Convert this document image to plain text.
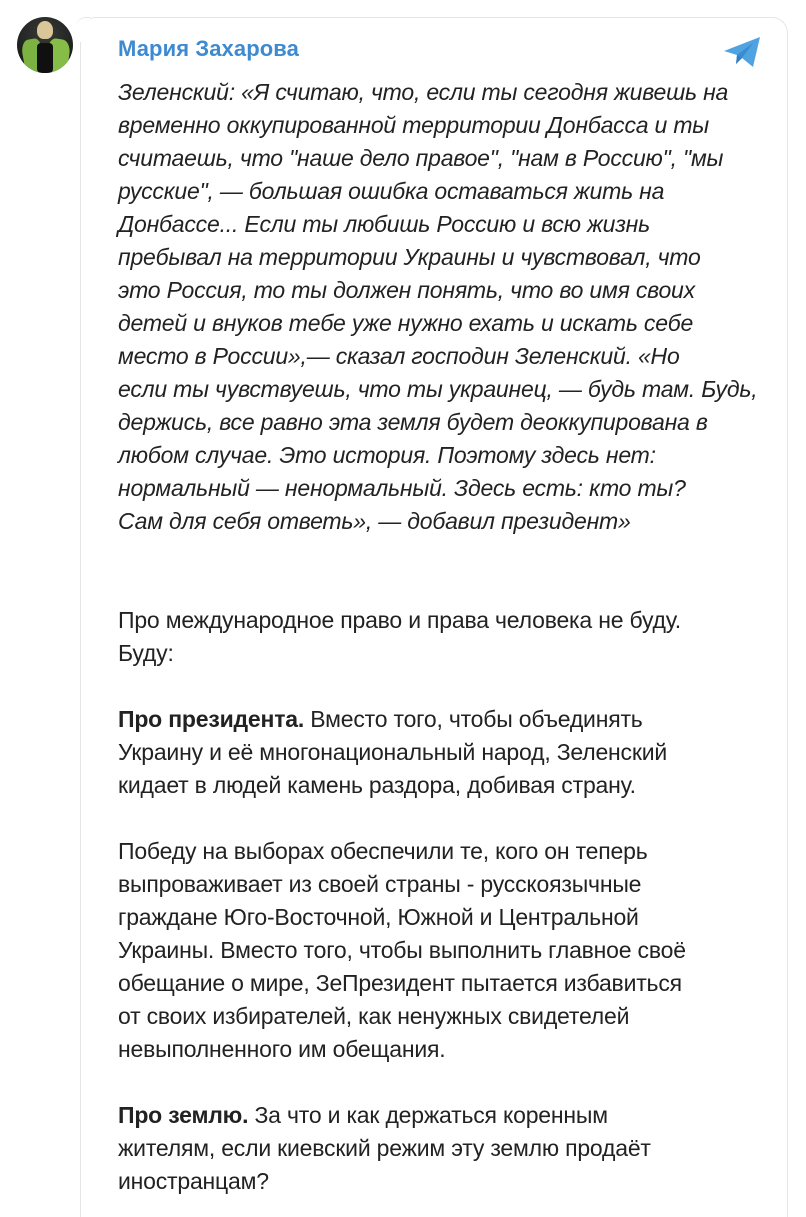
Мария Захарова
Зеленский: «Я считаю, что, если ты сегодня живешь на
временно оккупированной территории Донбасса и ты
считаешь, что "наше дело правое", "нам в Россию", "мы
русские", — большая ошибка оставаться жить на
Донбассе... Если ты любишь Россию и всю жизнь
пребывал на территории Украины и чувствовал, что
это Россия, то ты должен понять, что во имя своих
детей и внуков тебе уже нужно ехать и искать себе
место в России»,— сказал господин Зеленский. «Но
если ты чувствуешь, что ты украинец, — будь там. Будь,
держись, все равно эта земля будет деоккупирована в
любом случае. Это история. Поэтому здесь нет:
нормальный — ненормальный. Здесь есть: кто ты?
Сам для себя ответь», — добавил президент»
Про международное право и права человека не буду.
Буду:
Про президента. Вместо того, чтобы объединять
Украину и её многонациональный народ, Зеленский
кидает в людей камень раздора, добивая страну.
Победу на выборах обеспечили те, кого он теперь
выпроваживает из своей страны - русскоязычные
граждане Юго-Восточной, Южной и Центральной
Украины. Вместо того, чтобы выполнить главное своё
обещание о мире, ЗеПрезидент пытается избавиться
от своих избирателей, как ненужных свидетелей
невыполненного им обещания.
Про землю. За что и как держаться коренным
жителям, если киевский режим эту землю продаёт
иностранцам?
